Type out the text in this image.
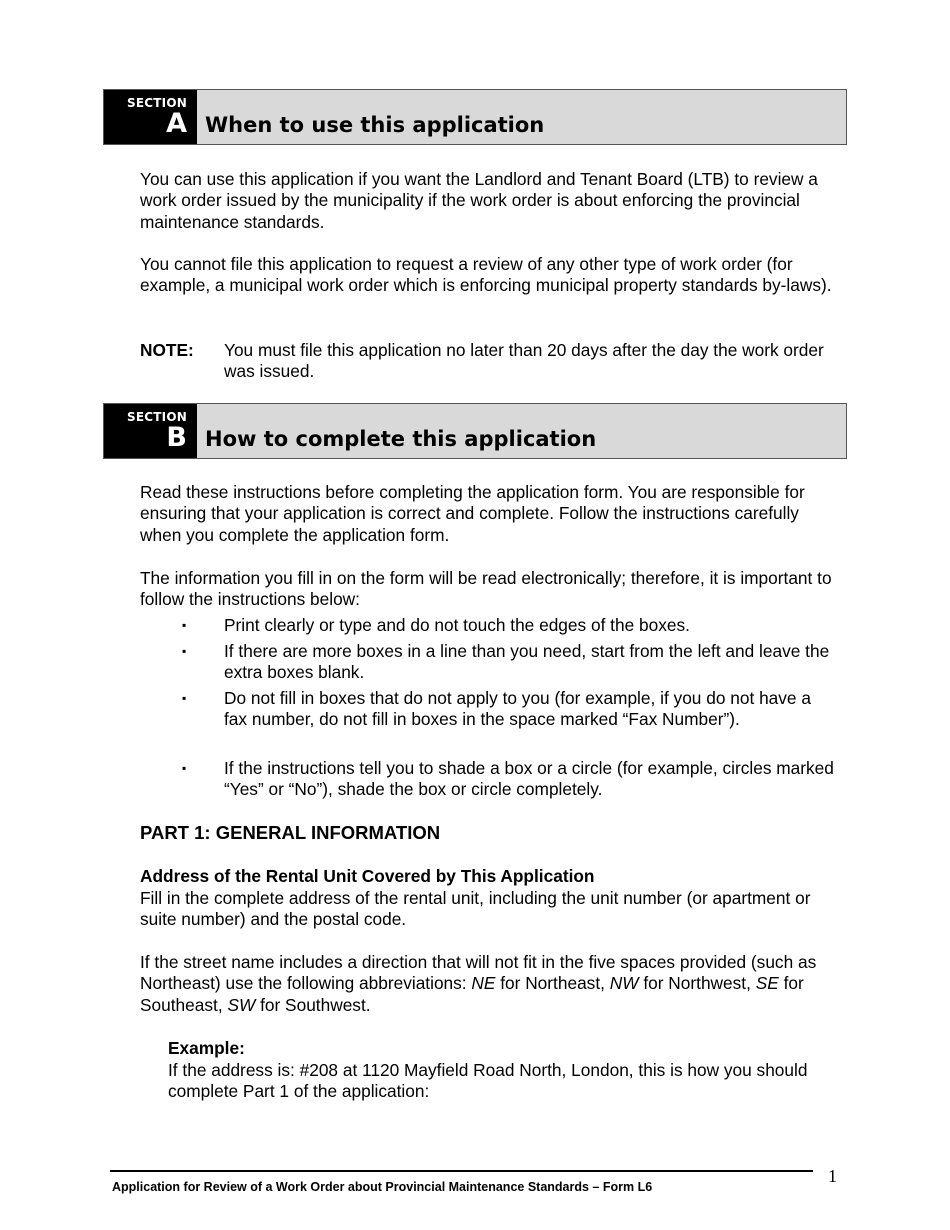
SECTION
A When to use this application

You can use this application if you want the Landlord and Tenant Board (LTB) to review a work order issued by the municipality if the work order is about enforcing the provincial maintenance standards.

You cannot file this application to request a review of any other type of work order (for example, a municipal work order which is enforcing municipal property standards by-laws).

NOTE: You must file this application no later than 20 days after the day the work order was issued.
SECTION
B How to complete this application

Read these instructions before completing the application form. You are responsible for ensuring that your application is correct and complete. Follow the instructions carefully when you complete the application form.

The information you fill in on the form will be read electronically; therefore, it is important to follow the instructions below:

▪ Print clearly or type and do not touch the edges of the boxes.
▪ If there are more boxes in a line than you need, start from the left and leave the extra boxes blank.
▪ Do not fill in boxes that do not apply to you (for example, if you do not have a fax number, do not fill in boxes in the space marked “Fax Number”).
▪ If the instructions tell you to shade a box or a circle (for example, circles marked “Yes” or “No”), shade the box or circle completely.
PART 1: GENERAL INFORMATION

Address of the Rental Unit Covered by This Application

Fill in the complete address of the rental unit, including the unit number (or apartment or suite number) and the postal code.

If the street name includes a direction that will not fit in the five spaces provided (such as Northeast) use the following abbreviations: NE for Northeast, NW for Northwest, SE for Southeast, SW for Southwest.

Example:

If the address is: #208 at 1120 Mayfield Road North, London, this is how you should complete Part 1 of the application:

Application for Review of a Work Order about Provincial Maintenance Standards – Form L6
1
